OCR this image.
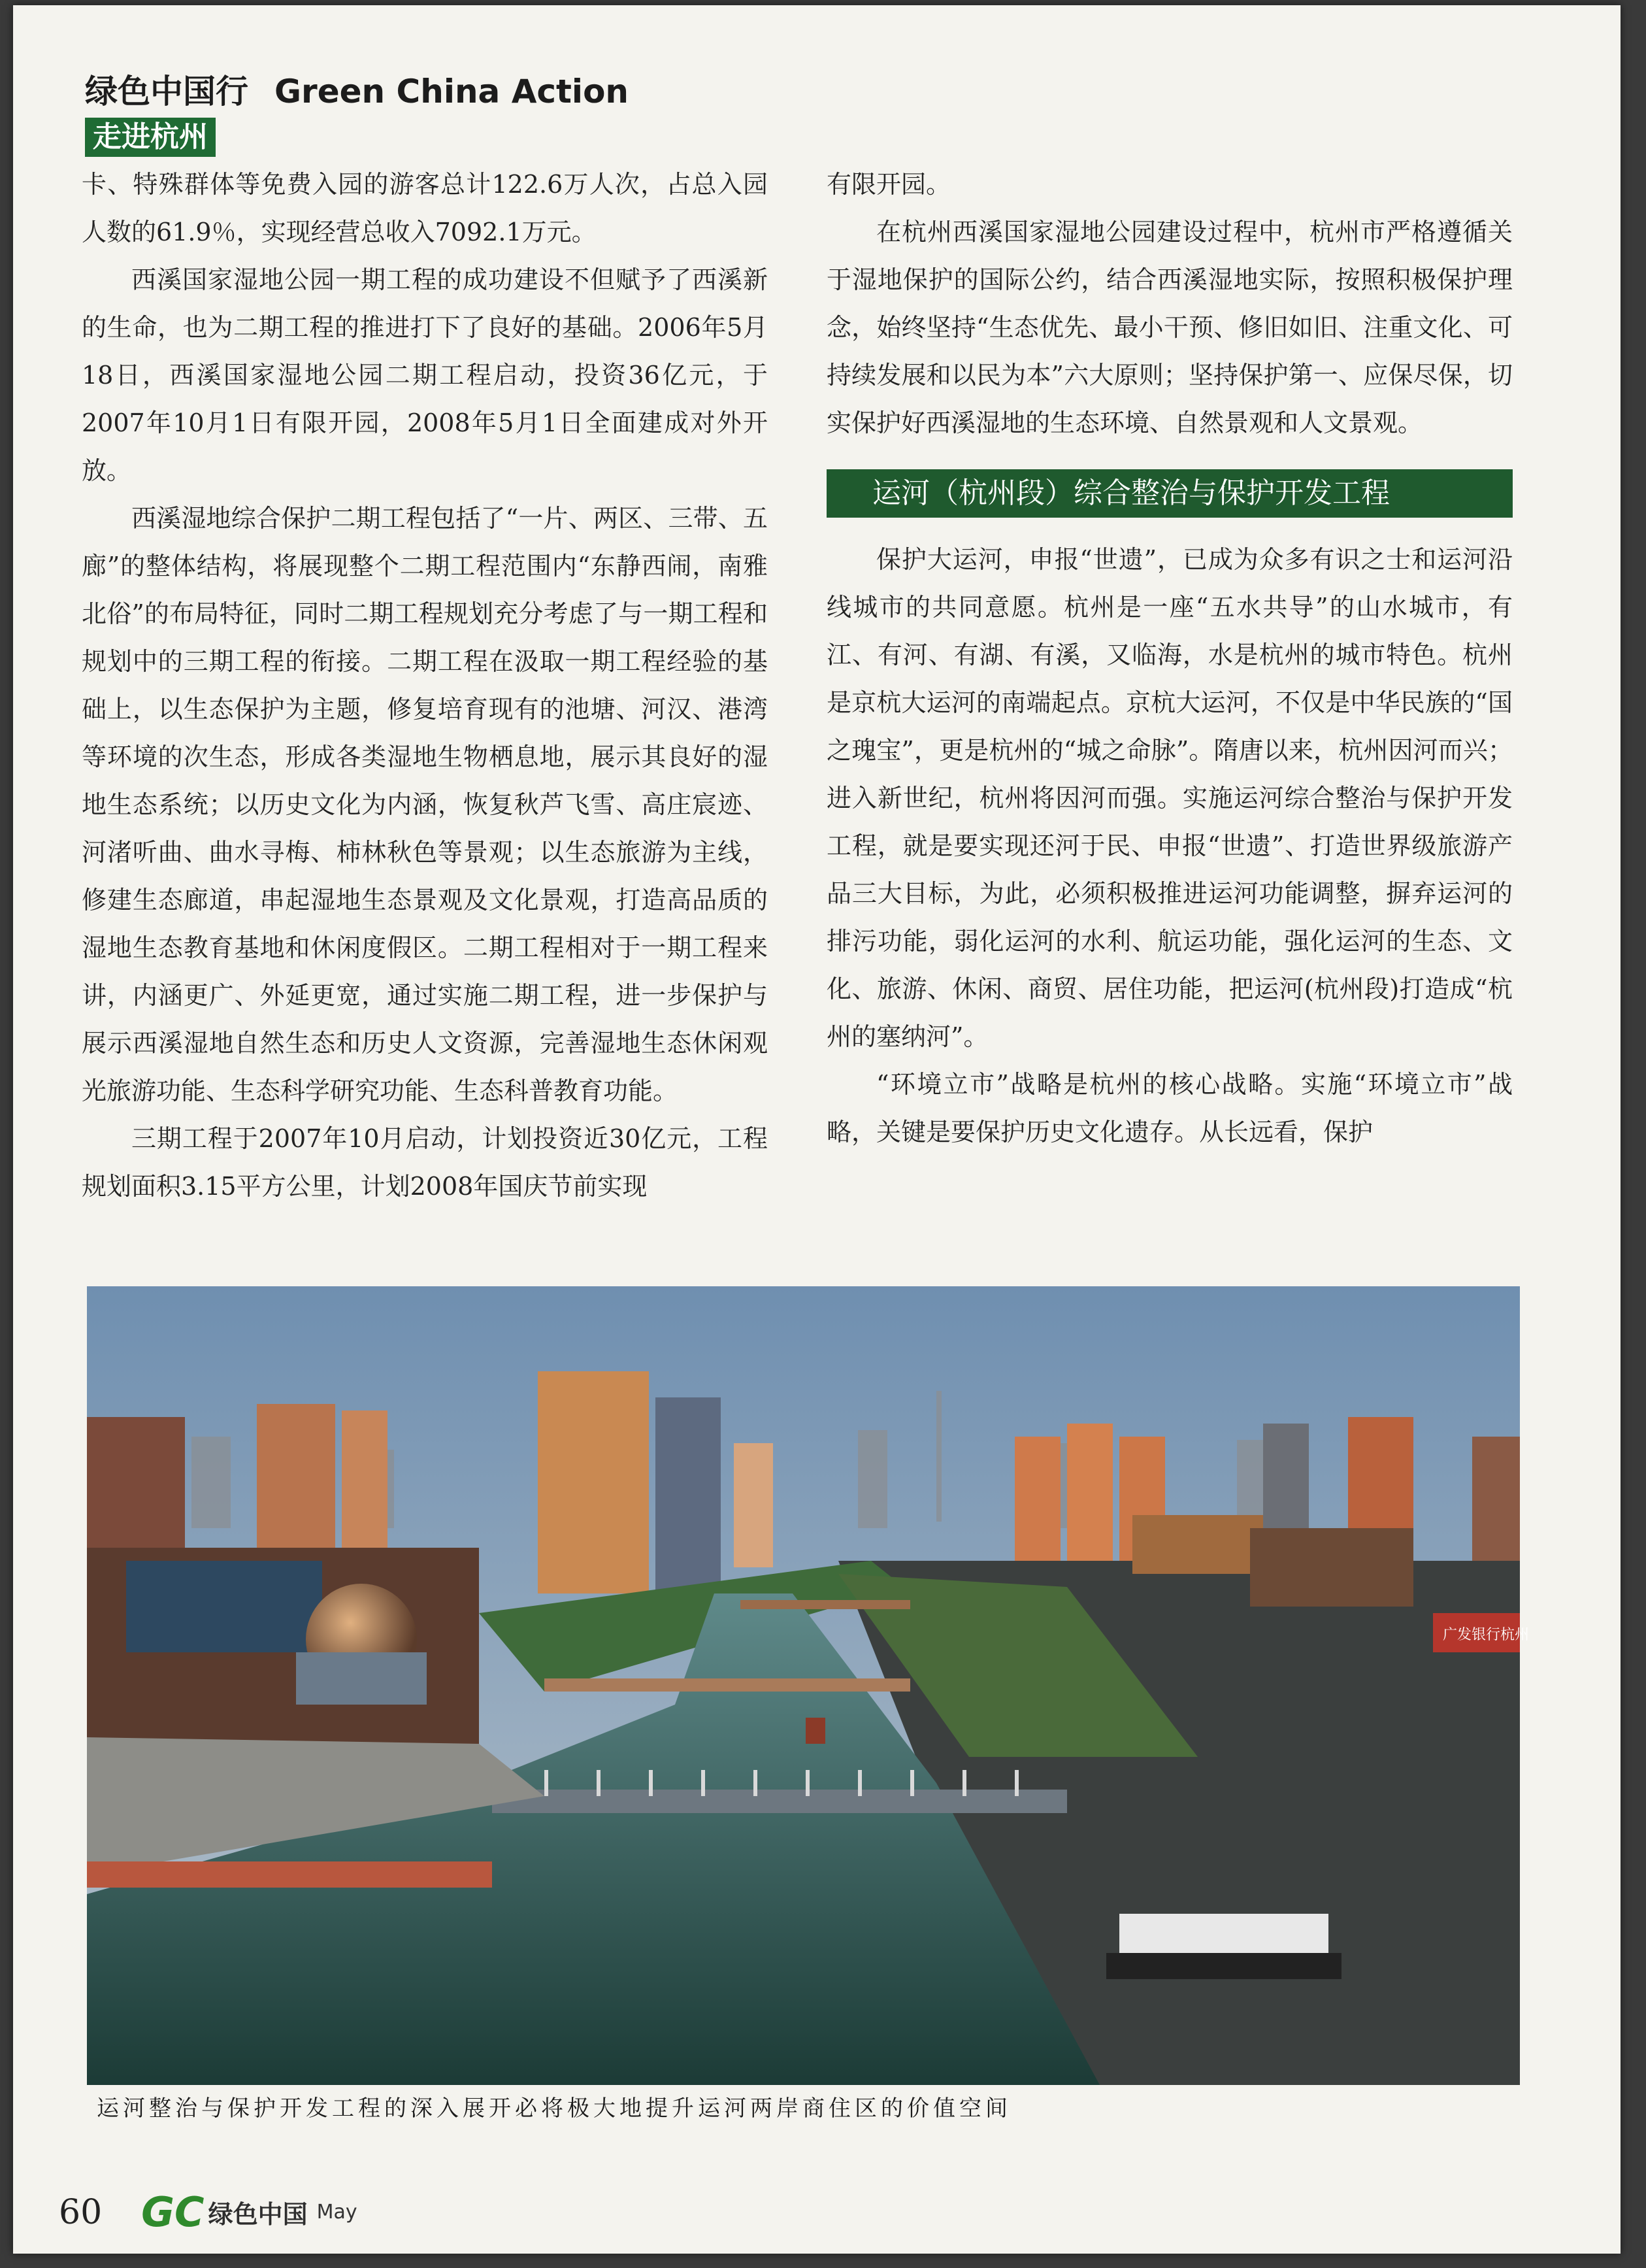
绿色中国行 Green China Action
走进杭州

卡、特殊群体等免费入园的游客总计122.6万人次，占总入园人数的61.9％，实现经营总收入7092.1万元。

西溪国家湿地公园一期工程的成功建设不但赋予了西溪新的生命，也为二期工程的推进打下了良好的基础。2006年5月18日，西溪国家湿地公园二期工程启动，投资36亿元，于2007年10月1日有限开园，2008年5月1日全面建成对外开放。

西溪湿地综合保护二期工程包括了“一片、两区、三带、五廊”的整体结构，将展现整个二期工程范围内“东静西闹，南雅北俗”的布局特征，同时二期工程规划充分考虑了与一期工程和规划中的三期工程的衔接。二期工程在汲取一期工程经验的基础上，以生态保护为主题，修复培育现有的池塘、河汉、港湾等环境的次生态，形成各类湿地生物栖息地，展示其良好的湿地生态系统；以历史文化为内涵，恢复秋芦飞雪、高庄宸迹、河渚听曲、曲水寻梅、柿林秋色等景观；以生态旅游为主线，修建生态廊道，串起湿地生态景观及文化景观，打造高品质的湿地生态教育基地和休闲度假区。二期工程相对于一期工程来讲，内涵更广、外延更宽，通过实施二期工程，进一步保护与展示西溪湿地自然生态和历史人文资源，完善湿地生态休闲观光旅游功能、生态科学研究功能、生态科普教育功能。

三期工程于2007年10月启动，计划投资近30亿元，工程规划面积3.15平方公里，计划2008年国庆节前实现

有限开园。

在杭州西溪国家湿地公园建设过程中，杭州市严格遵循关于湿地保护的国际公约，结合西溪湿地实际，按照积极保护理念，始终坚持“生态优先、最小干预、修旧如旧、注重文化、可持续发展和以民为本”六大原则；坚持保护第一、应保尽保，切实保护好西溪湿地的生态环境、自然景观和人文景观。

运河（杭州段）综合整治与保护开发工程

保护大运河，申报“世遗”，已成为众多有识之士和运河沿线城市的共同意愿。杭州是一座“五水共导”的山水城市，有江、有河、有湖、有溪，又临海，水是杭州的城市特色。杭州是京杭大运河的南端起点。京杭大运河，不仅是中华民族的“国之瑰宝”，更是杭州的“城之命脉”。隋唐以来，杭州因河而兴；进入新世纪，杭州将因河而强。实施运河综合整治与保护开发工程，就是要实现还河于民、申报“世遗”、打造世界级旅游产品三大目标，为此，必须积极推进运河功能调整，摒弃运河的排污功能，弱化运河的水利、航运功能，强化运河的生态、文化、旅游、休闲、商贸、居住功能，把运河(杭州段)打造成“杭州的塞纳河”。

“环境立市”战略是杭州的核心战略。实施“环境立市”战略，关键是要保护历史文化遗存。从长远看，保护

广发银行杭州
运河整治与保护开发工程的深入展开必将极大地提升运河两岸商住区的价值空间
60 GC 绿色中国 May
